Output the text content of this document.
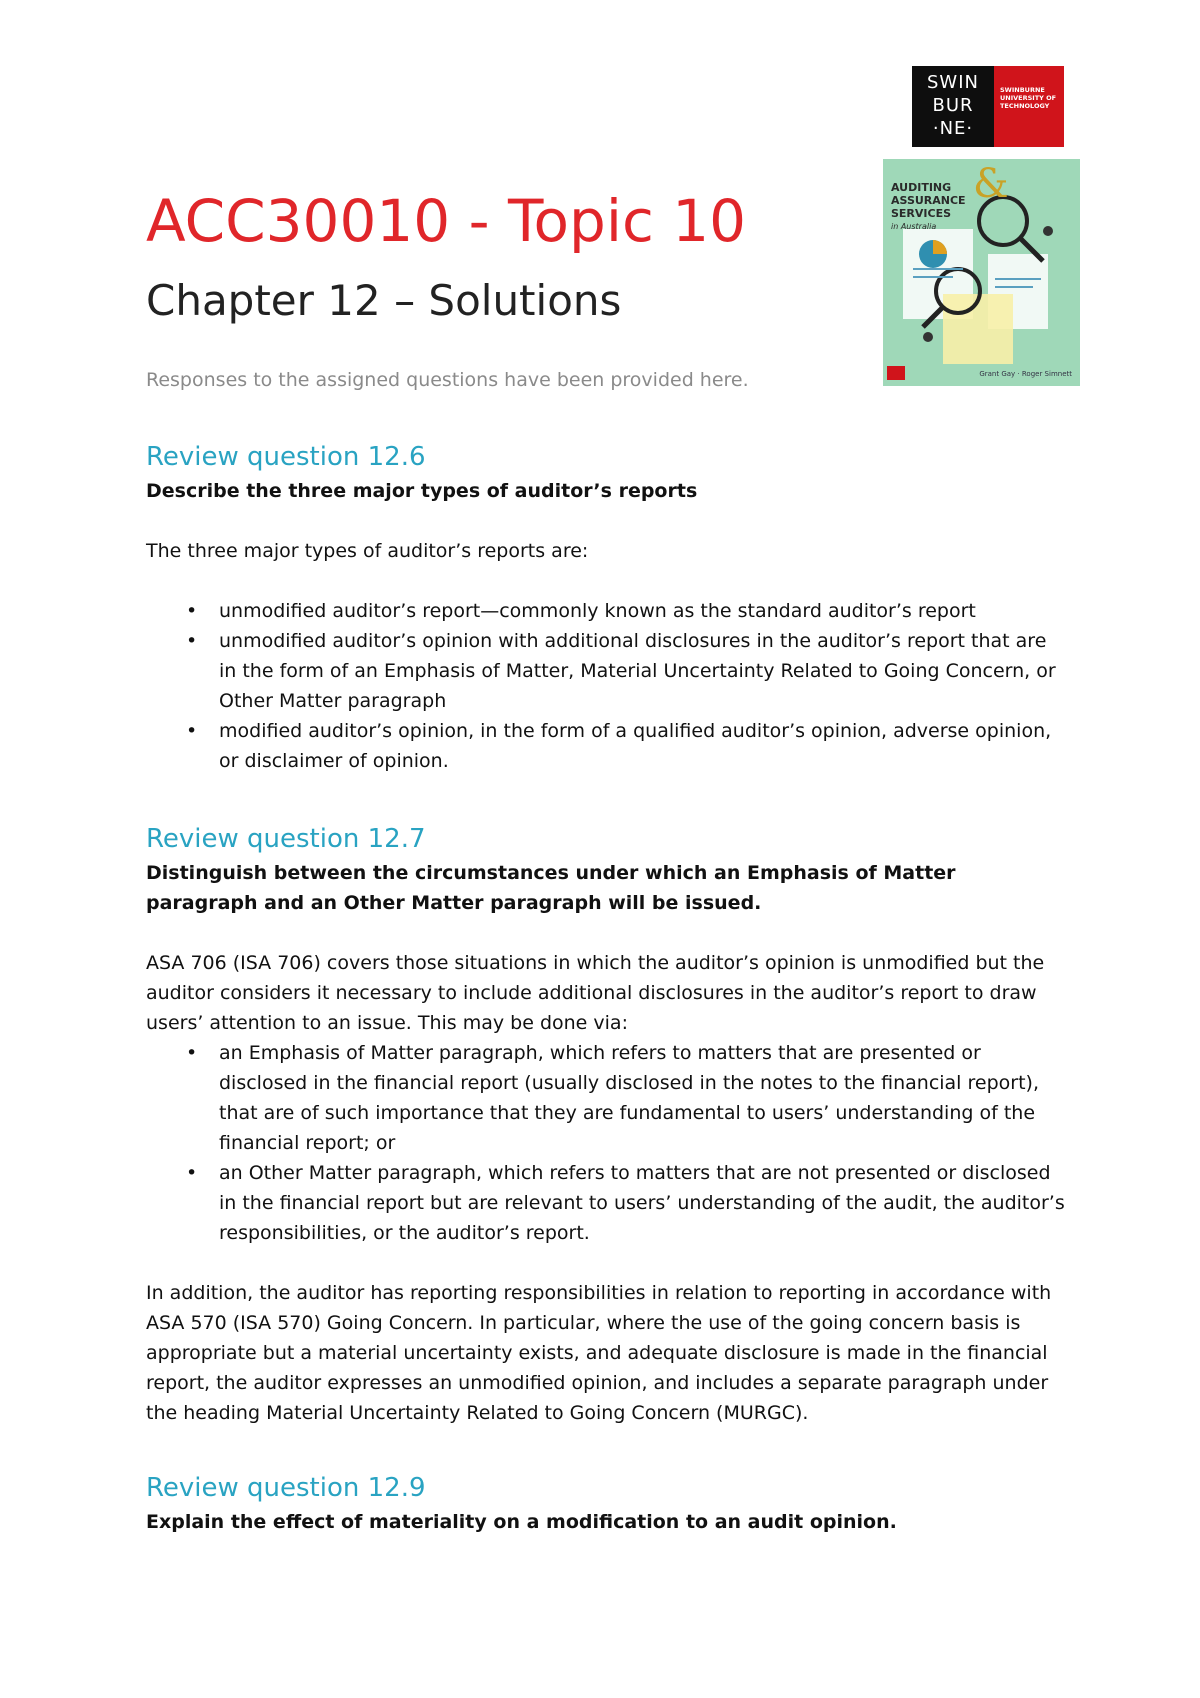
SWIN
BUR
·NE·
SWINBURNE UNIVERSITY OF TECHNOLOGY
&
AUDITING
ASSURANCE
SERVICES
in Australia
Grant Gay · Roger Simnett
ACC30010 - Topic 10
Chapter 12 – Solutions

Responses to the assigned questions have been provided here.

Review question 12.6

Describe the three major types of auditor’s reports

The three major types of auditor’s reports are:

• unmodified auditor’s report—commonly known as the standard auditor’s report
• unmodified auditor’s opinion with additional disclosures in the auditor’s report that are in the form of an Emphasis of Matter, Material Uncertainty Related to Going Concern, or Other Matter paragraph
• modified auditor’s opinion, in the form of a qualified auditor’s opinion, adverse opinion, or disclaimer of opinion.
Review question 12.7

Distinguish between the circumstances under which an Emphasis of Matter paragraph and an Other Matter paragraph will be issued.

ASA 706 (ISA 706) covers those situations in which the auditor’s opinion is unmodified but the auditor considers it necessary to include additional disclosures in the auditor’s report to draw users’ attention to an issue. This may be done via:

• an Emphasis of Matter paragraph, which refers to matters that are presented or disclosed in the financial report (usually disclosed in the notes to the financial report), that are of such importance that they are fundamental to users’ understanding of the financial report; or
• an Other Matter paragraph, which refers to matters that are not presented or disclosed in the financial report but are relevant to users’ understanding of the audit, the auditor’s responsibilities, or the auditor’s report.

In addition, the auditor has reporting responsibilities in relation to reporting in accordance with ASA 570 (ISA 570) Going Concern. In particular, where the use of the going concern basis is appropriate but a material uncertainty exists, and adequate disclosure is made in the financial report, the auditor expresses an unmodified opinion, and includes a separate paragraph under the heading Material Uncertainty Related to Going Concern (MURGC).

Review question 12.9

Explain the effect of materiality on a modification to an audit opinion.
